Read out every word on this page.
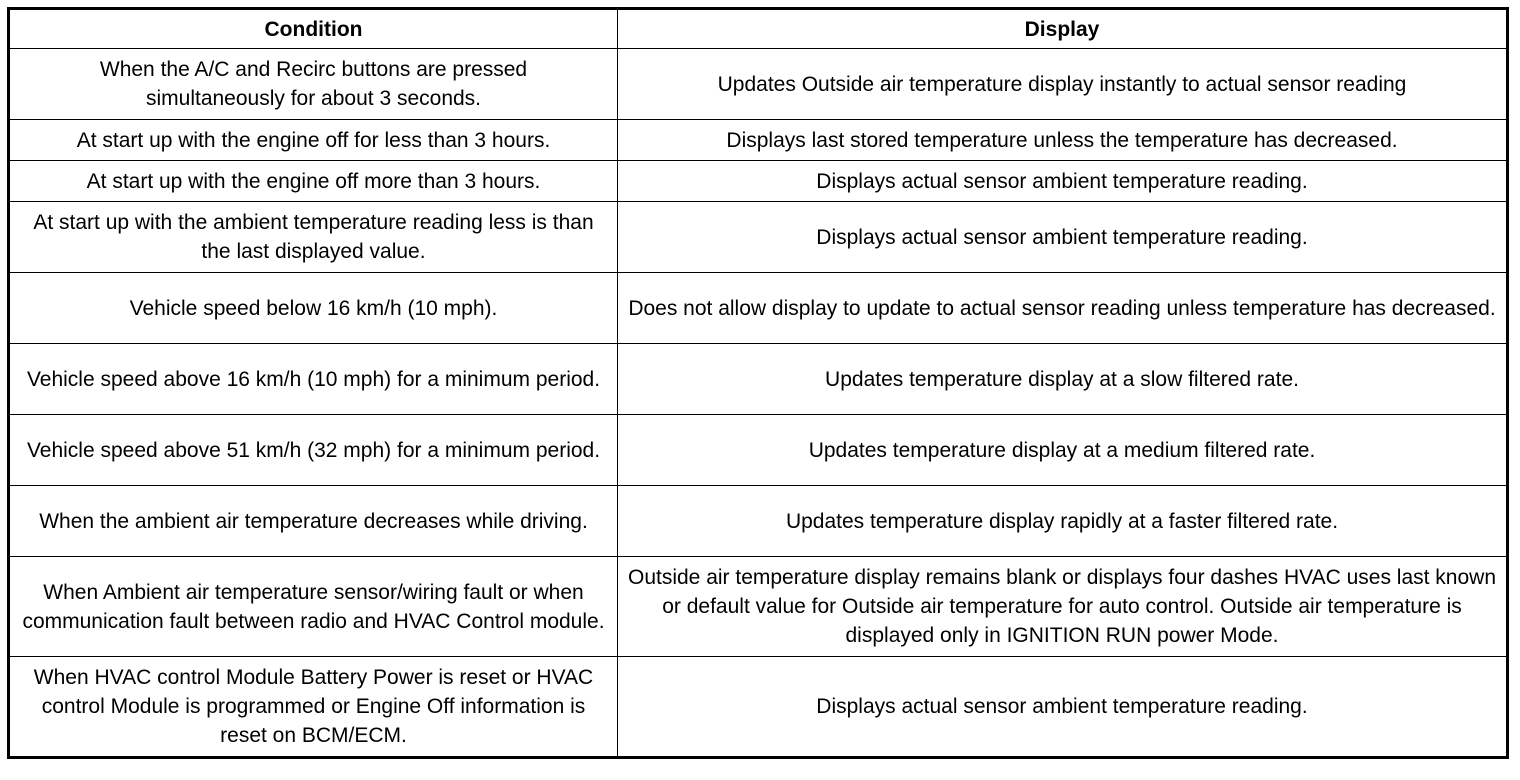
Condition	Display
When the A/C and Recirc buttons are pressed simultaneously for about 3 seconds.	Updates Outside air temperature display instantly to actual sensor reading
At start up with the engine off for less than 3 hours.	Displays last stored temperature unless the temperature has decreased.
At start up with the engine off more than 3 hours.	Displays actual sensor ambient temperature reading.
At start up with the ambient temperature reading less is than the last displayed value.	Displays actual sensor ambient temperature reading.
Vehicle speed below 16 km/h (10 mph).	Does not allow display to update to actual sensor reading unless temperature has decreased.
Vehicle speed above 16 km/h (10 mph) for a minimum period.	Updates temperature display at a slow filtered rate.
Vehicle speed above 51 km/h (32 mph) for a minimum period.	Updates temperature display at a medium filtered rate.
When the ambient air temperature decreases while driving.	Updates temperature display rapidly at a faster filtered rate.
When Ambient air temperature sensor/wiring fault or when communication fault between radio and HVAC Control module.	Outside air temperature display remains blank or displays four dashes HVAC uses last known or default value for Outside air temperature for auto control. Outside air temperature is displayed only in IGNITION RUN power Mode.
When HVAC control Module Battery Power is reset or HVAC control Module is programmed or Engine Off information is reset on BCM/ECM.	Displays actual sensor ambient temperature reading.
